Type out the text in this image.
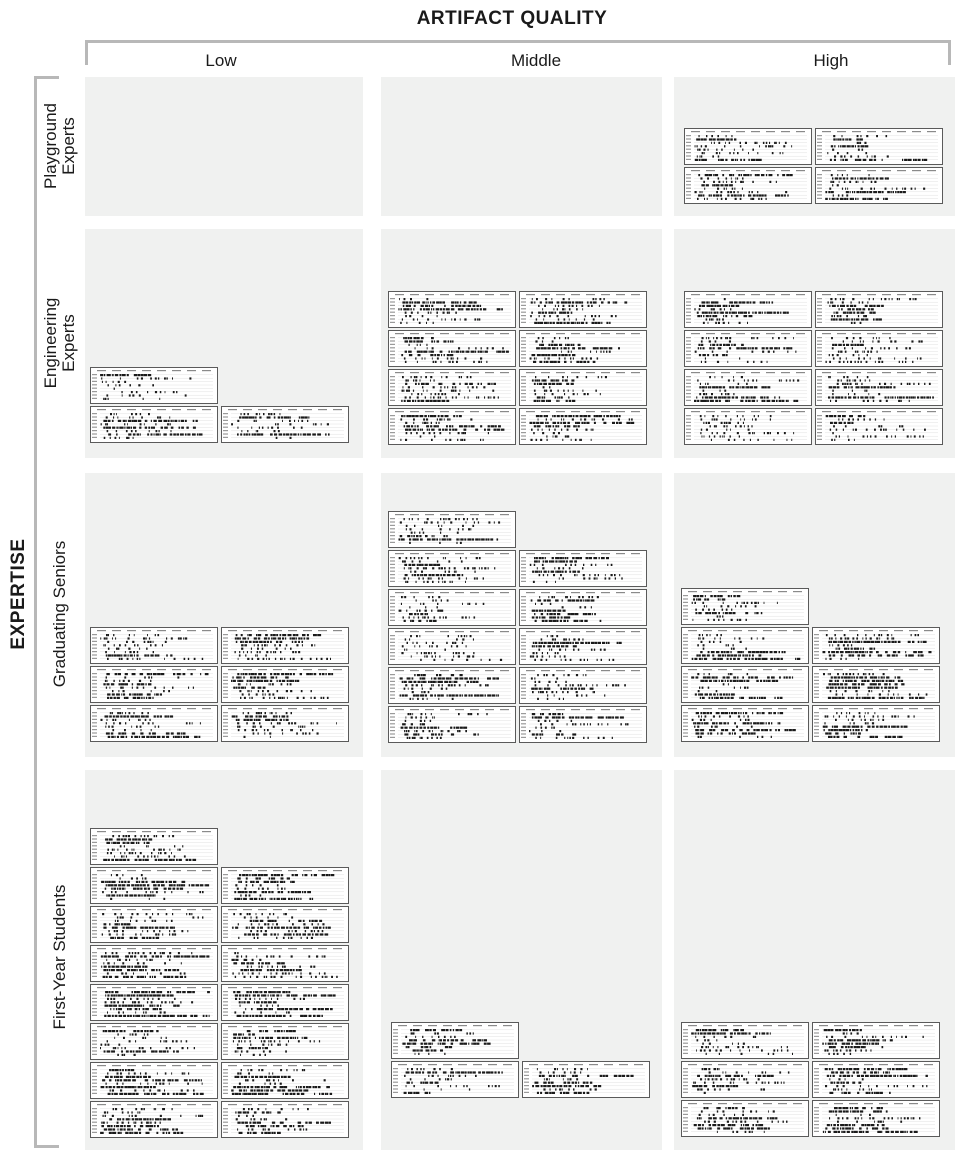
ARTIFACT QUALITY
Low	Middle	High
EXPERTISE
Playground Experts
Engineering Experts
Graduating Seniors
First-Year Students
